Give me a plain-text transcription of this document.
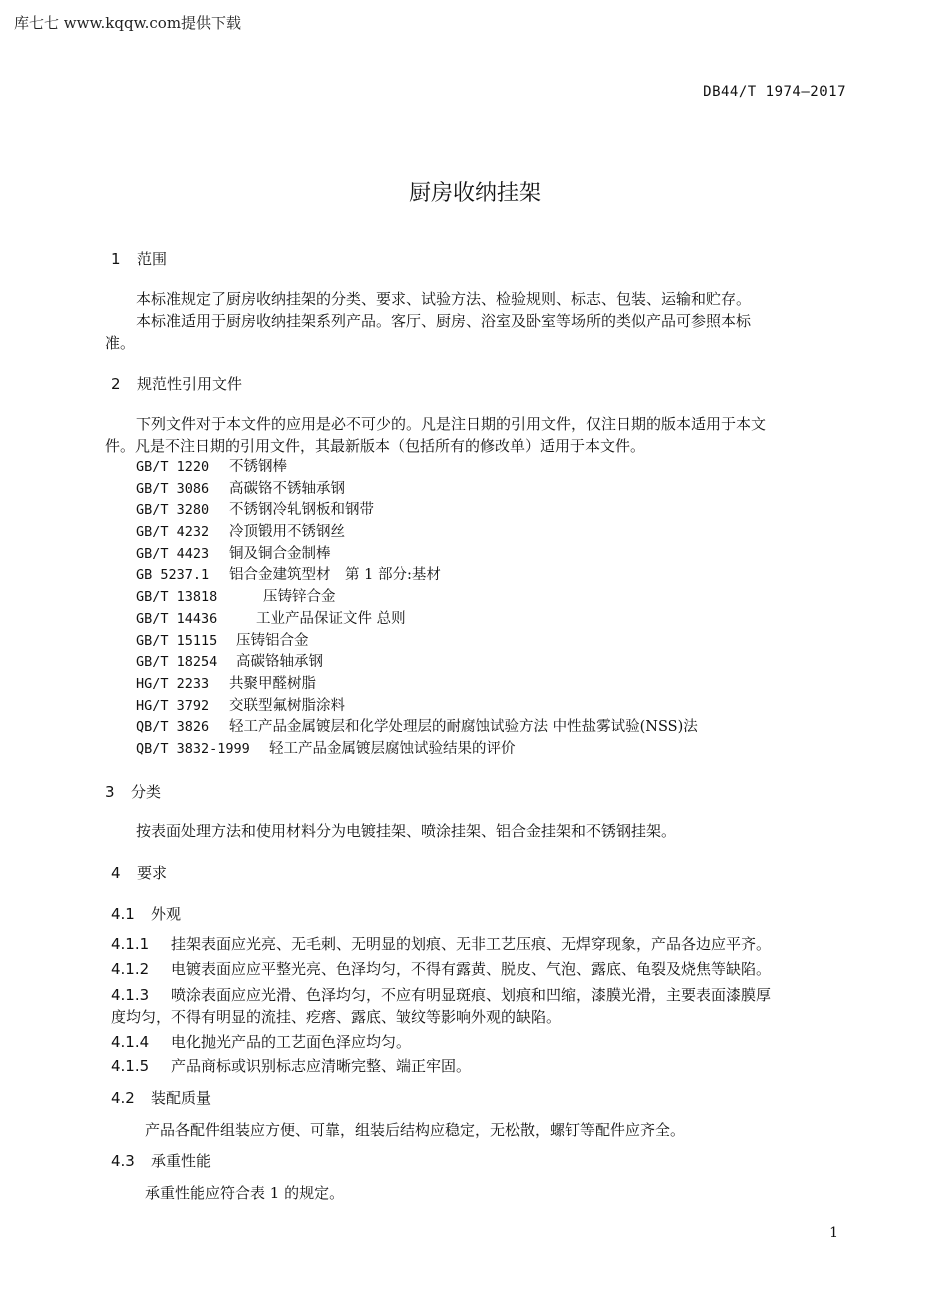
库七七 www.kqqw.com提供下载
DB44/T 1974—2017
厨房收纳挂架
1 范围
本标准规定了厨房收纳挂架的分类、要求、试验方法、检验规则、标志、包装、运输和贮存。
本标准适用于厨房收纳挂架系列产品。客厅、厨房、浴室及卧室等场所的类似产品可参照本标
准。
2 规范性引用文件
下列文件对于本文件的应用是必不可少的。凡是注日期的引用文件，仅注日期的版本适用于本文
件。凡是不注日期的引用文件，其最新版本（包括所有的修改单）适用于本文件。
GB/T 1220 不锈钢棒
GB/T 3086 高碳铬不锈轴承钢
GB/T 3280 不锈钢冷轧钢板和钢带
GB/T 4232 冷顶锻用不锈钢丝
GB/T 4423 铜及铜合金制棒
GB 5237.1 铝合金建筑型材　第 1 部分:基材
GB/T 13818	压铸锌合金
GB/T 14436	工业产品保证文件 总则
GB/T 15115 压铸铝合金
GB/T 18254 高碳铬轴承钢
HG/T 2233 共聚甲醛树脂
HG/T 3792 交联型氟树脂涂料
QB/T 3826 轻工产品金属镀层和化学处理层的耐腐蚀试验方法 中性盐雾试验(NSS)法
QB/T 3832-1999 轻工产品金属镀层腐蚀试验结果的评价
3 分类
按表面处理方法和使用材料分为电镀挂架、喷涂挂架、铝合金挂架和不锈钢挂架。
4 要求
4.1 外观
4.1.1 挂架表面应光亮、无毛刺、无明显的划痕、无非工艺压痕、无焊穿现象，产品各边应平齐。
4.1.2 电镀表面应应平整光亮、色泽均匀，不得有露黄、脱皮、气泡、露底、龟裂及烧焦等缺陷。
4.1.3 喷涂表面应应光滑、色泽均匀，不应有明显斑痕、划痕和凹缩，漆膜光滑，主要表面漆膜厚
度均匀，不得有明显的流挂、疙瘩、露底、皱纹等影响外观的缺陷。
4.1.4 电化抛光产品的工艺面色泽应均匀。
4.1.5 产品商标或识别标志应清晰完整、端正牢固。
4.2 装配质量
产品各配件组装应方便、可靠，组装后结构应稳定，无松散，螺钉等配件应齐全。
4.3 承重性能
承重性能应符合表 1 的规定。
1
